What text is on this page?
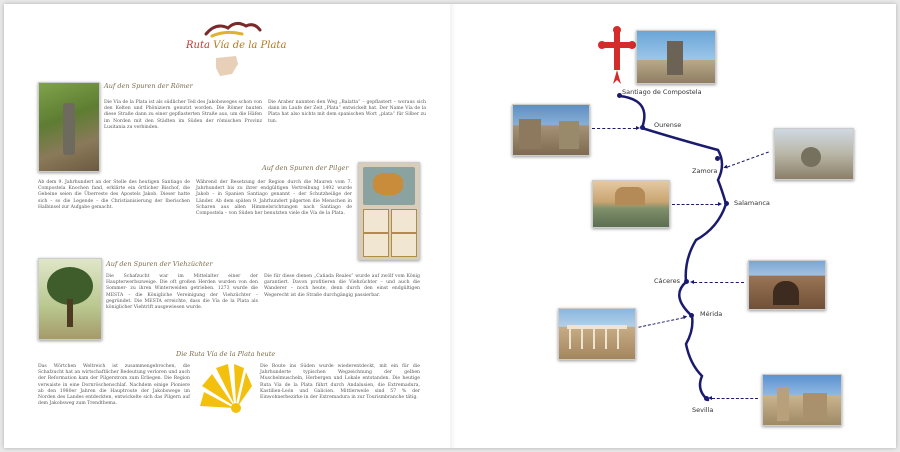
Ruta Vía de la Plata
Auf den Spuren der Römer
Die Vía de la Plata ist als südlicher Teil des Jakobsweges schon von den Kelten und Phöniziern genutzt worden. Die Römer bauten diese Straße dann zu einer gepflasterten Straße aus, um die Häfen im Norden mit den Städten im Süden der römischen Provinz Lusitania zu verbinden.
Die Araber nannten den Weg „Balatta“ – gepflastert – woraus sich dann im Laufe der Zeit „Plata“ entwickelt hat. Der Name Vía de la Plata hat also nichts mit dem spanischen Wort „plata“ für Silber zu tun.
Auf den Spuren der Pilger
Ab dem 9. Jahrhundert an der Stelle des heutigen Santiago de Compostela Knochen fand, erklärte ein örtlicher Bischof, die Gebeine seien die Überreste des Apostels Jakob. Dieser hatte sich – so die Legende – die Christianisierung der Iberischen Halbinsel zur Aufgabe gemacht.
Während der Besetzung der Region durch die Mauren vom 7. Jahrhundert bis zu ihrer endgültigen Vertreibung 1492 wurde Jakob – in Spanien Santiago genannt – der Schutzheilige der Länder. Ab dem späten 9. Jahrhundert pilgerten die Menschen in Scharen aus allen Himmelsrichtungen nach Santiago de Compostela – von Süden her benutzten viele die Vía de la Plata.
Auf den Spuren der Viehzüchter
Die Schafzucht war im Mittelalter einer der Haupterwerbszweige. Die oft großen Herden wurden von den Sommer- zu ihren Winterweiden getrieben. 1273 wurde die MESTA – die Königliche Vereinigung der Viehzüchter – gegründet. Die MESTA erreichte, dass die Vía de la Plata als königlicher Viehtrift ausgewiesen wurde.
Die für diese dienen „Cañada Reales“ wurde auf zwölf vom König garantiert. Davon profitieren die Viehzüchter – und auch die Wanderer – noch heute, denn durch den einst endgültigen Wegerecht ist die Straße durchgängig passierbar.
Die Ruta Vía de la Plata heute
Das Wörtchen Weltreich ist zusammengebrochen, die Schafzucht hat an wirtschaftlicher Bedeutung verloren und auch der Reformation kam der Pilgerstrom zum Erliegen. Die Region verwaiste in eine Dornröschenschlaf. Nachdem einige Pioniere ab den 1980er Jahren die Hauptroute der Jakobswege im Norden des Landes entdeckten, entwickelte sich das Pilgern auf dem Jakobsweg zum Trendthema.
Die Route ins Süden wurde wiederentdeckt, mit ein für die Jahrhunderte typischen Wegzeichnung der gelben Muschelmuscheln, Herbergen und Lokale entstanden. Die heutige Ruta Vía de la Plata führt durch Andalusien, die Extremadura, Kastilien-León und Galicien. Mittlerweile sind 57 % der Einwohnerbezirke in der Extremadura in zur Tourismbranche tätig.
Santiago de Compostela
Ourense
Zamora
Salamanca
Cáceres
Mérida
Sevilla
